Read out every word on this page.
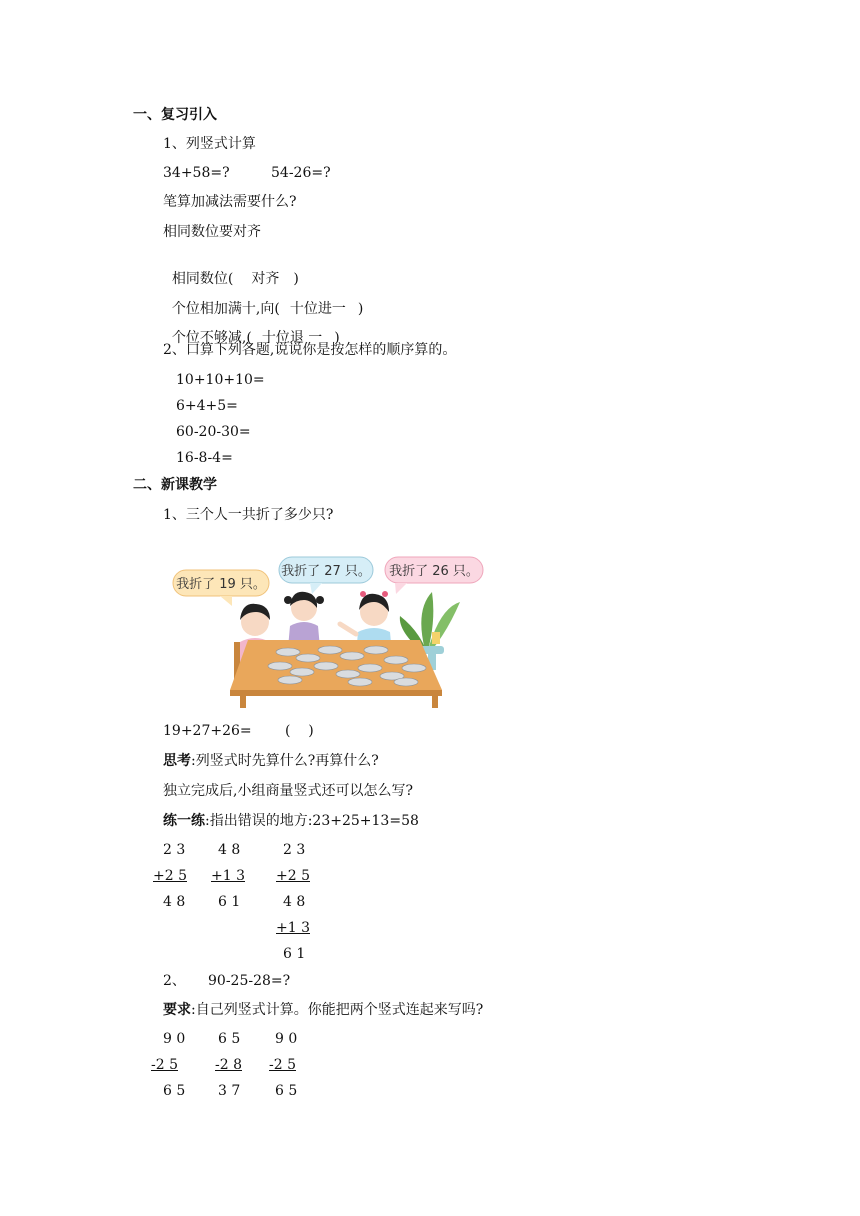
一、复习引入
1、列竖式计算
34+58=?	54-26=?
笔算加减法需要什么?
相同数位要对齐

相同数位( 对齐 )

个位相加满十,向( 十位进一 )

个位不够减,( 十位退 一 )

2、口算下列各题,说说你是按怎样的顺序算的。
10+10+10=
6+4+5=
60-20-30=
16-8-4=
二、新课教学
1、三个人一共折了多少只?
我折了 19 只。
我折了 27 只。 我折了 26 只。
19+27+26= (    )
思考:列竖式时先算什么?再算什么?
独立完成后,小组商量竖式还可以怎么写?
练一练:指出错误的地方:23+25+13=58
2 3
+2 5
4 8
4 8
+1 3
6 1
2 3
+2 5
4 8
+1 3
6 1
2、 90-25-28=?
要求:自己列竖式计算。你能把两个竖式连起来写吗?
9 0
-2 5
6 5
6 5
-2 8
3 7
9 0
-2 5
6 5
